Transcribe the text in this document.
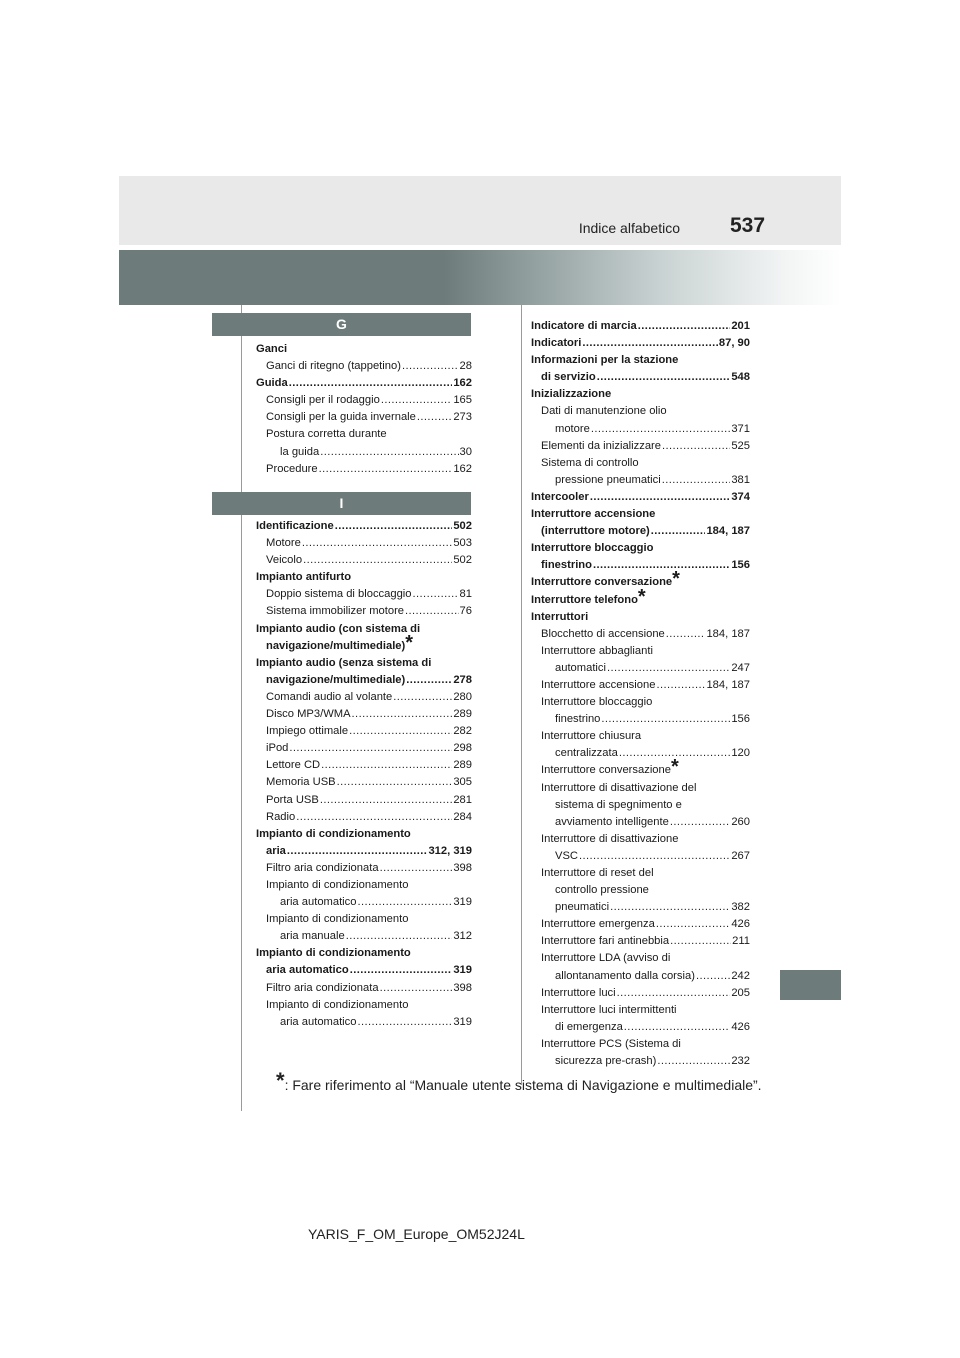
Indice alfabetico 537
G
I
Ganci
Ganci di ritegno (tappetino) .....	28
Guida .....	162
Consigli per il rodaggio .....	165
Consigli per la guida invernale .....	273
Postura corretta durante
la guida .....	30
Procedure .....	162
Identificazione .....	502
Motore .....	503
Veicolo .....	502
Impianto antifurto
Doppio sistema di bloccaggio .....	81
Sistema immobilizer motore .....	76
Impianto audio (con sistema di
navigazione/multimediale) *
Impianto audio (senza sistema di
navigazione/multimediale) .....	278
Comandi audio al volante .....	280
Disco MP3/WMA .....	289
Impiego ottimale .....	282
iPod .....	298
Lettore CD .....	289
Memoria USB .....	305
Porta USB .....	281
Radio .....	284
Impianto di condizionamento
aria .....	312, 319
Filtro aria condizionata .....	398
Impianto di condizionamento
aria automatico .....	319
Impianto di condizionamento
aria manuale .....	312
Impianto di condizionamento
aria automatico .....	319
Filtro aria condizionata .....	398
Impianto di condizionamento
aria automatico .....	319
Indicatore di marcia .....	201
Indicatori .....	87, 90
Informazioni per la stazione
di servizio .....	548
Inizializzazione
Dati di manutenzione olio
motore .....	371
Elementi da inizializzare .....	525
Sistema di controllo
pressione pneumatici .....	381
Intercooler .....	374
Interruttore accensione
(interruttore motore) .....	184, 187
Interruttore bloccaggio
finestrino .....	156
Interruttore conversazione *
Interruttore telefono *
Interruttori
Blocchetto di accensione .....	184, 187
Interruttore abbaglianti
automatici .....	247
Interruttore accensione .....	184, 187
Interruttore bloccaggio
finestrino .....	156
Interruttore chiusura
centralizzata .....	120
Interruttore conversazione *
Interruttore di disattivazione del
sistema di spegnimento e
avviamento intelligente .....	260
Interruttore di disattivazione
VSC .....	267
Interruttore di reset del
controllo pressione
pneumatici .....	382
Interruttore emergenza .....	426
Interruttore fari antinebbia .....	211
Interruttore LDA (avviso di
allontanamento dalla corsia) .....	242
Interruttore luci .....	205
Interruttore luci intermittenti
di emergenza .....	426
Interruttore PCS (Sistema di
sicurezza pre-crash) .....	232
*: Fare riferimento al “Manuale utente sistema di Navigazione e multimediale”.
YARIS_F_OM_Europe_OM52J24L
